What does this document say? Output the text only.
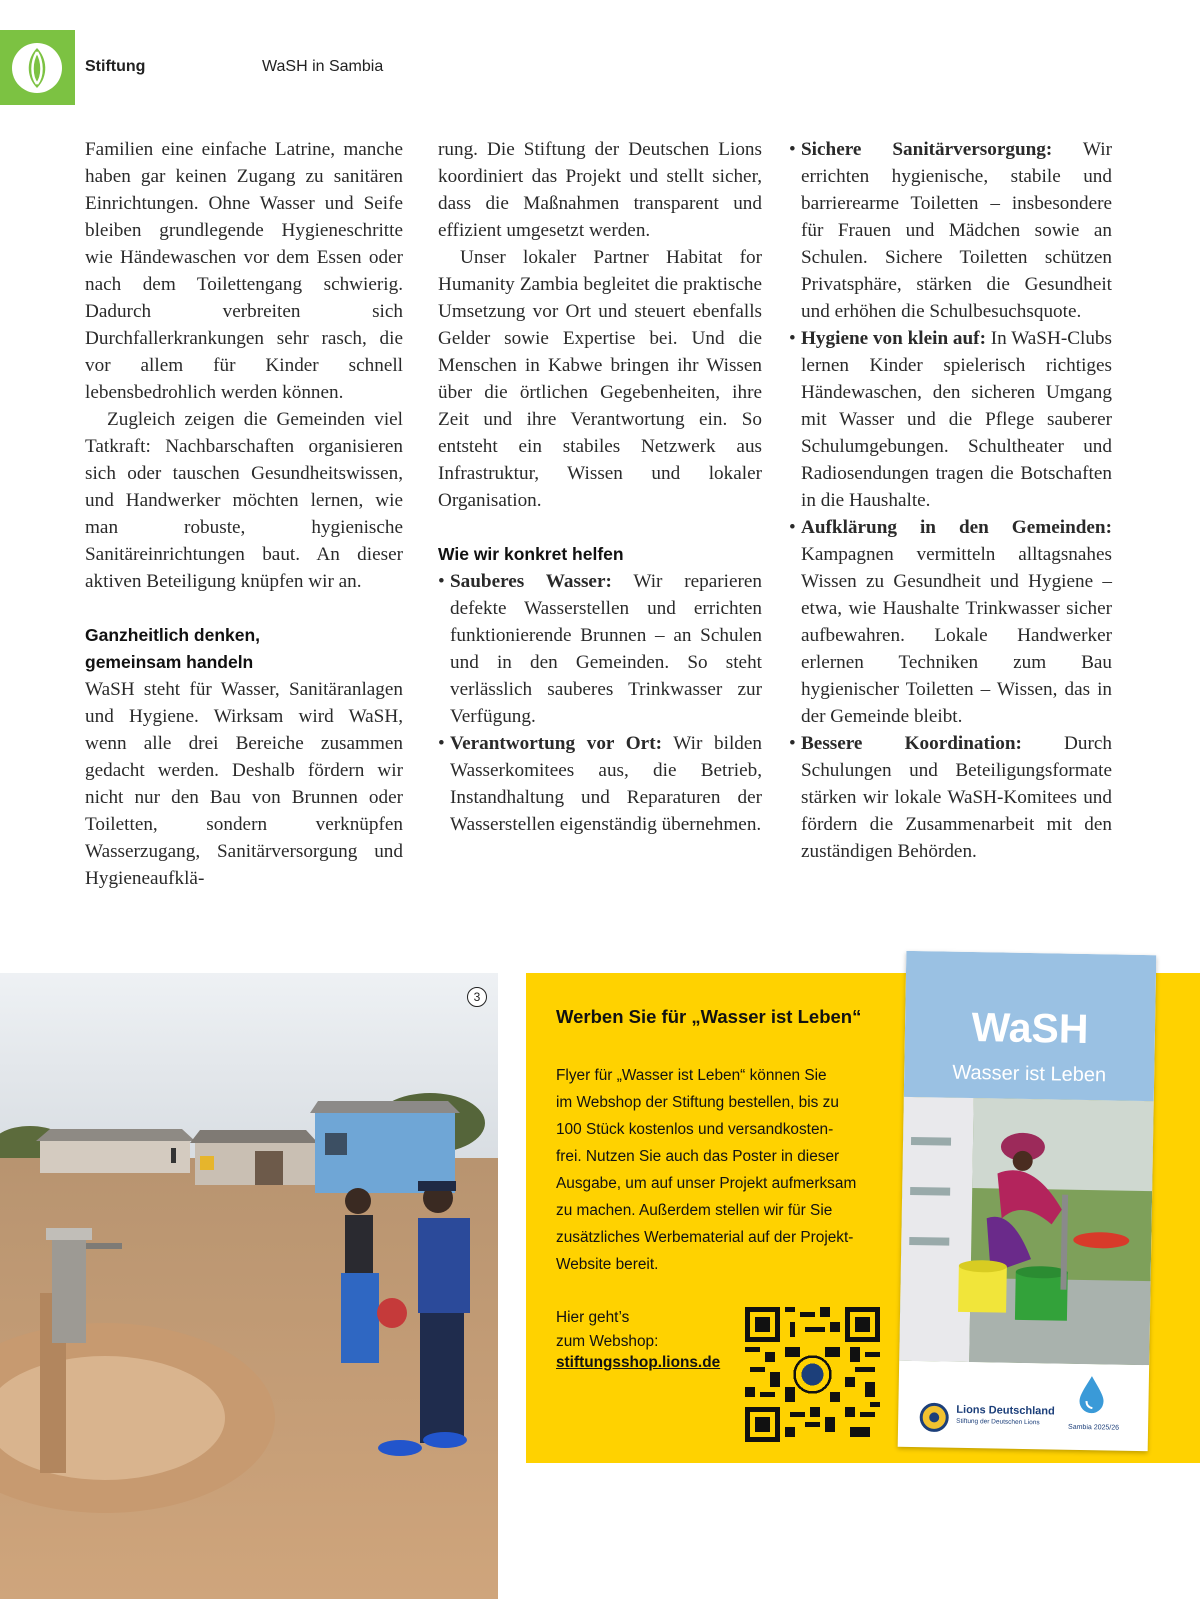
Stiftung	WaSH in Sambia

Familien eine einfache Latrine, manche haben gar keinen Zugang zu sanitären Einrichtungen. Ohne Wasser und Seife bleiben grundlegende Hygieneschritte wie Händewaschen vor dem Essen oder nach dem Toilettengang schwierig. Dadurch verbreiten sich Durchfallerkrankungen sehr rasch, die vor allem für Kinder schnell lebensbedrohlich werden können.

Zugleich zeigen die Gemeinden viel Tatkraft: Nachbarschaften organisieren sich oder tauschen Gesundheitswissen, und Handwerker möchten lernen, wie man robuste, hygienische Sanitäreinrichtungen baut. An dieser aktiven Beteiligung knüpfen wir an.

Ganzheitlich denken,
gemeinsam handeln

WaSH steht für Wasser, Sanitäranlagen und Hygiene. Wirksam wird WaSH, wenn alle drei Bereiche zusammen gedacht werden. Deshalb fördern wir nicht nur den Bau von Brunnen oder Toiletten, sondern verknüpfen Wasserzugang, Sanitärversorgung und Hygieneaufklä-

rung. Die Stiftung der Deutschen Lions koordiniert das Projekt und stellt sicher, dass die Maßnahmen transparent und effizient umgesetzt werden.

Unser lokaler Partner Habitat for Humanity Zambia begleitet die praktische Umsetzung vor Ort und steuert ebenfalls Gelder sowie Expertise bei. Und die Menschen in Kabwe bringen ihr Wissen über die örtlichen Gegebenheiten, ihre Zeit und ihre Verantwortung ein. So entsteht ein stabiles Netzwerk aus Infrastruktur, Wissen und lokaler Organisation.

Wie wir konkret helfen
• Sauberes Wasser: Wir reparieren defekte Wasserstellen und errichten funktionierende Brunnen – an Schulen und in den Gemeinden. So steht verlässlich sauberes Trinkwasser zur Verfügung.
• Verantwortung vor Ort: Wir bilden Wasserkomitees aus, die Betrieb, Instandhaltung und Reparaturen der Wasserstellen eigenständig übernehmen.
• Sichere Sanitärversorgung: Wir errichten hygienische, stabile und barrierearme Toiletten – insbesondere für Frauen und Mädchen sowie an Schulen. Sichere Toiletten schützen Privatsphäre, stärken die Gesundheit und erhöhen die Schulbesuchsquote.
• Hygiene von klein auf: In WaSH-Clubs lernen Kinder spielerisch richtiges Händewaschen, den sicheren Umgang mit Wasser und die Pflege sauberer Schulumgebungen. Schultheater und Radiosendungen tragen die Botschaften in die Haushalte.
• Aufklärung in den Gemeinden: Kampagnen vermitteln alltagsnahes Wissen zu Gesundheit und Hygiene – etwa, wie Haushalte Trinkwasser sicher aufbewahren. Lokale Handwerker erlernen Techniken zum Bau hygienischer Toiletten – Wissen, das in der Gemeinde bleibt.
• Bessere Koordination: Durch Schulungen und Beteiligungsformate stärken wir lokale WaSH-Komitees und fördern die Zusammenarbeit mit den zuständigen Behörden.
3
Werben Sie für „Wasser ist Leben“

Flyer für „Wasser ist Leben“ können Sie
im Webshop der Stiftung bestellen, bis zu
100 Stück kostenlos und versandkosten-
frei. Nutzen Sie auch das Poster in dieser
Ausgabe, um auf unser Projekt aufmerksam
zu machen. Außerdem stellen wir für Sie
zusätzliches Werbematerial auf der Projekt-
Website bereit.

Hier geht’s
zum Webshop:
stiftungsshop.lions.de
WaSH
Wasser ist Leben
Lions Deutschland
Stiftung der Deutschen Lions
Sambia 2025/26
